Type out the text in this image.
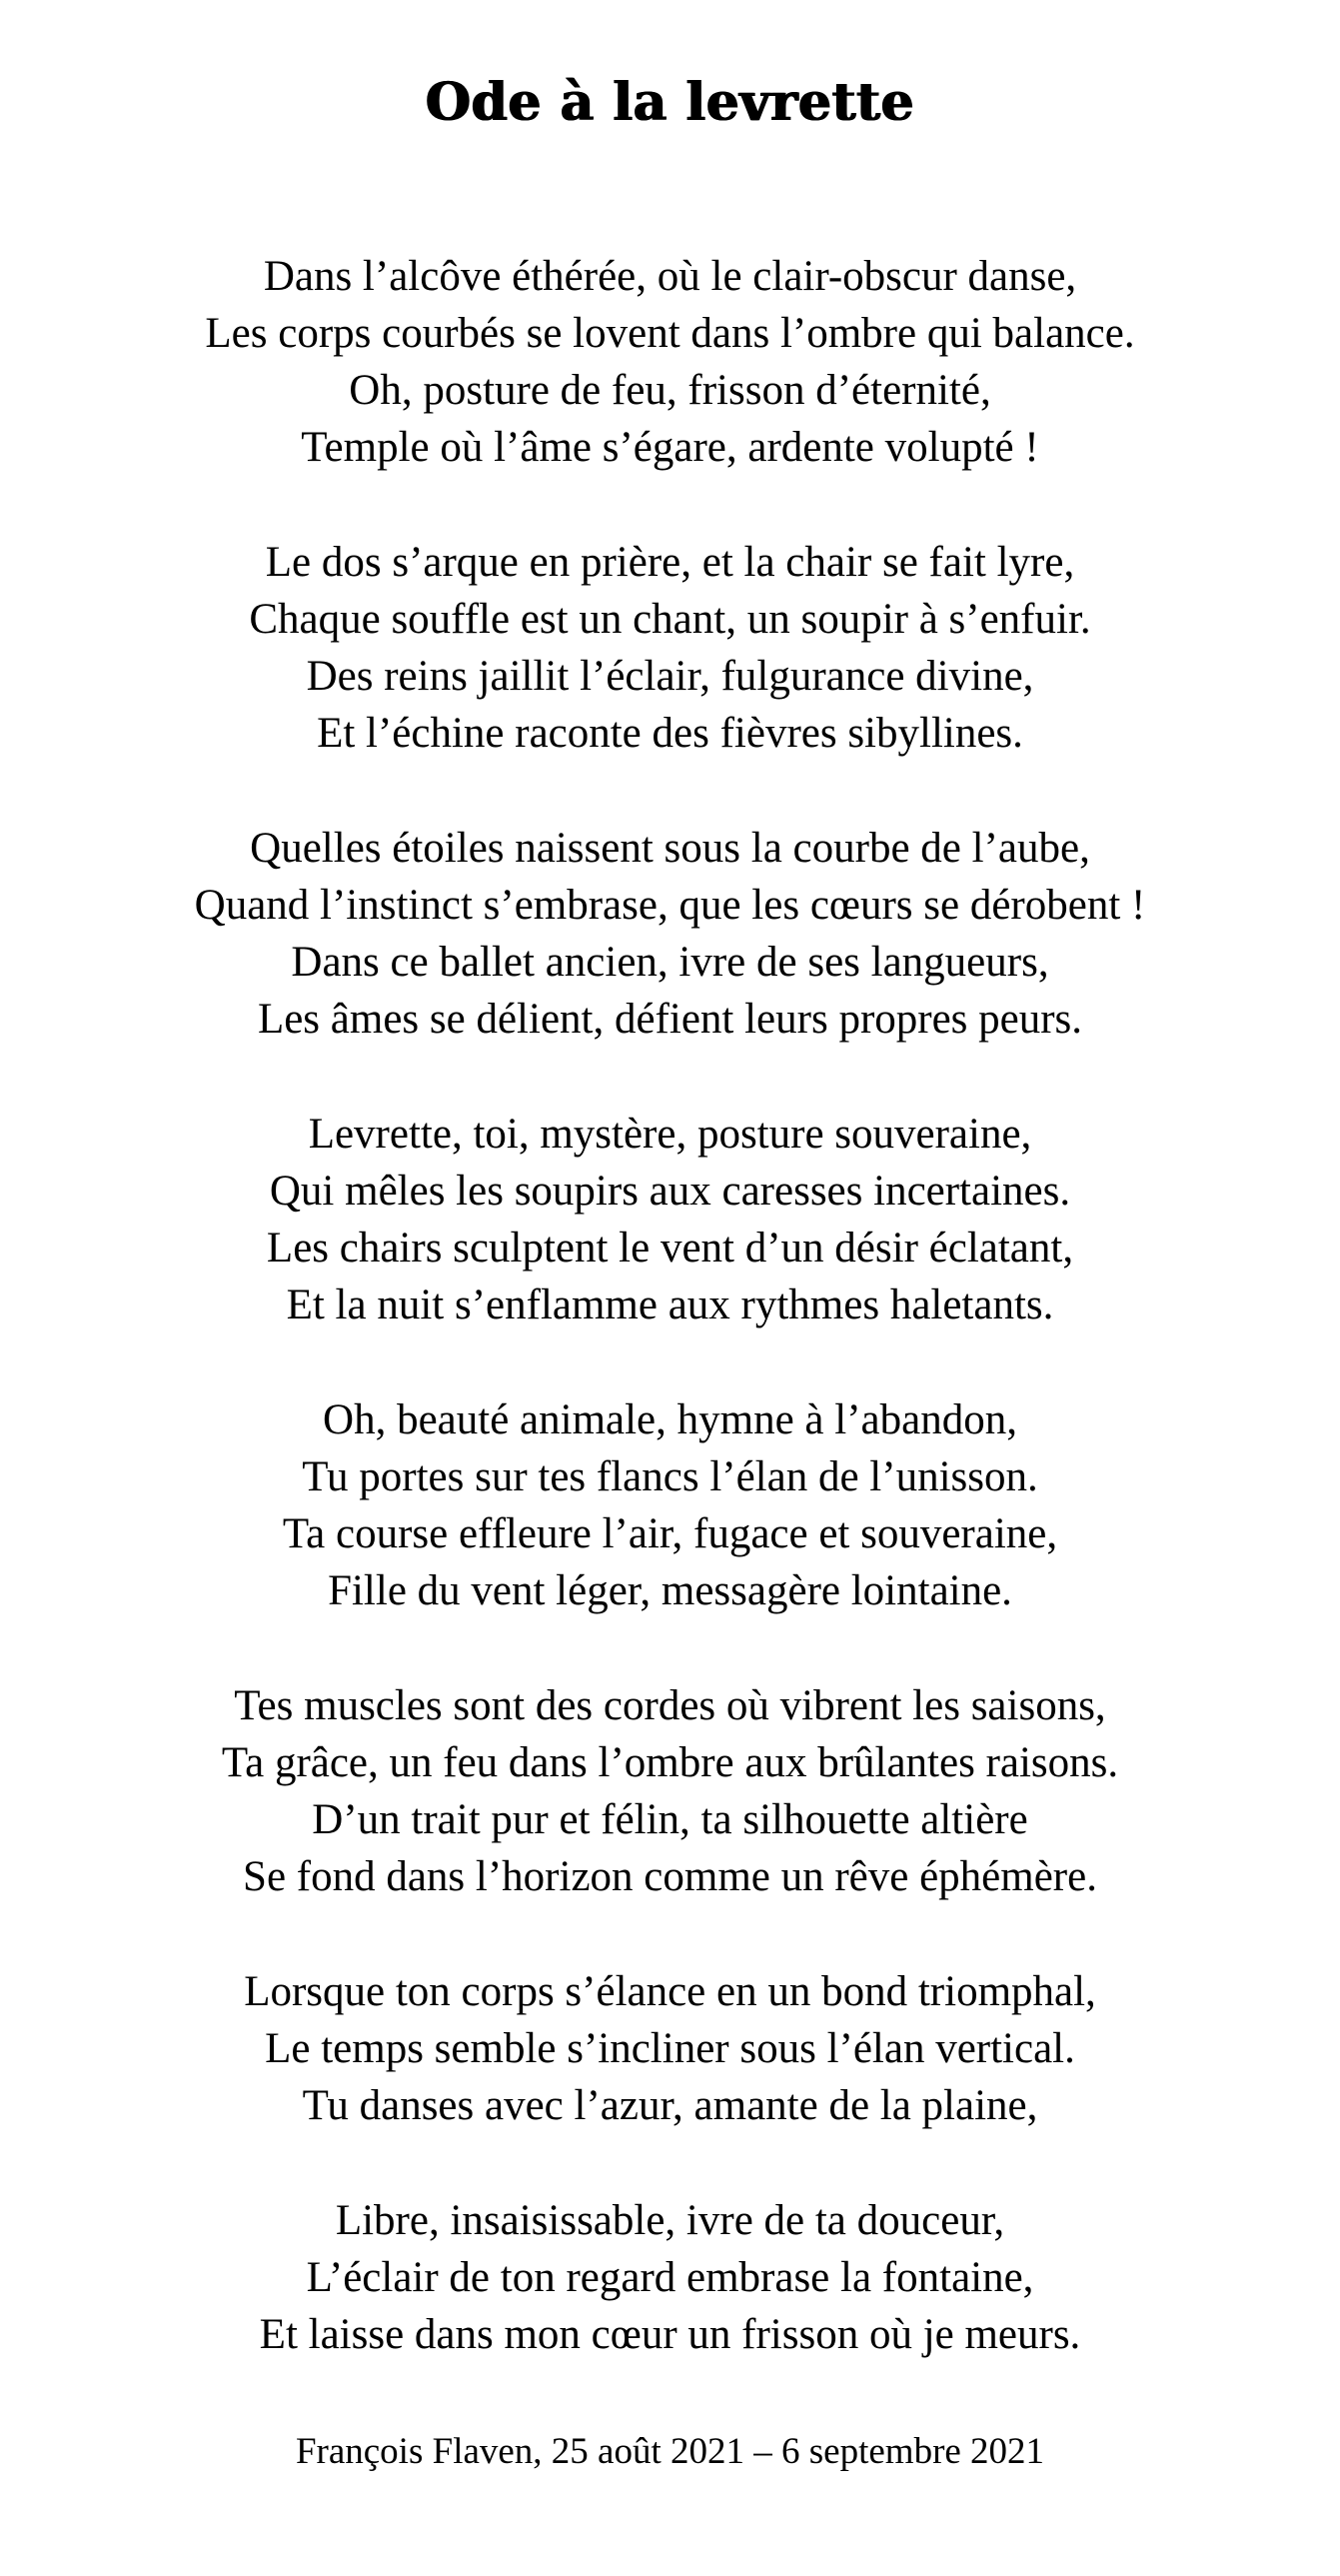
Ode à la levrette
Dans l’alcôve éthérée, où le clair-obscur danse,
Les corps courbés se lovent dans l’ombre qui balance.
Oh, posture de feu, frisson d’éternité,
Temple où l’âme s’égare, ardente volupté !
Le dos s’arque en prière, et la chair se fait lyre,
Chaque souffle est un chant, un soupir à s’enfuir.
Des reins jaillit l’éclair, fulgurance divine,
Et l’échine raconte des fièvres sibyllines.
Quelles étoiles naissent sous la courbe de l’aube,
Quand l’instinct s’embrase, que les cœurs se dérobent !
Dans ce ballet ancien, ivre de ses langueurs,
Les âmes se délient, défient leurs propres peurs.
Levrette, toi, mystère, posture souveraine,
Qui mêles les soupirs aux caresses incertaines.
Les chairs sculptent le vent d’un désir éclatant,
Et la nuit s’enflamme aux rythmes haletants.
Oh, beauté animale, hymne à l’abandon,
Tu portes sur tes flancs l’élan de l’unisson.
Ta course effleure l’air, fugace et souveraine,
Fille du vent léger, messagère lointaine.
Tes muscles sont des cordes où vibrent les saisons,
Ta grâce, un feu dans l’ombre aux brûlantes raisons.
D’un trait pur et félin, ta silhouette altière
Se fond dans l’horizon comme un rêve éphémère.
Lorsque ton corps s’élance en un bond triomphal,
Le temps semble s’incliner sous l’élan vertical.
Tu danses avec l’azur, amante de la plaine,
Libre, insaisissable, ivre de ta douceur,
L’éclair de ton regard embrase la fontaine,
Et laisse dans mon cœur un frisson où je meurs.
François Flaven, 25 août 2021 – 6 septembre 2021
